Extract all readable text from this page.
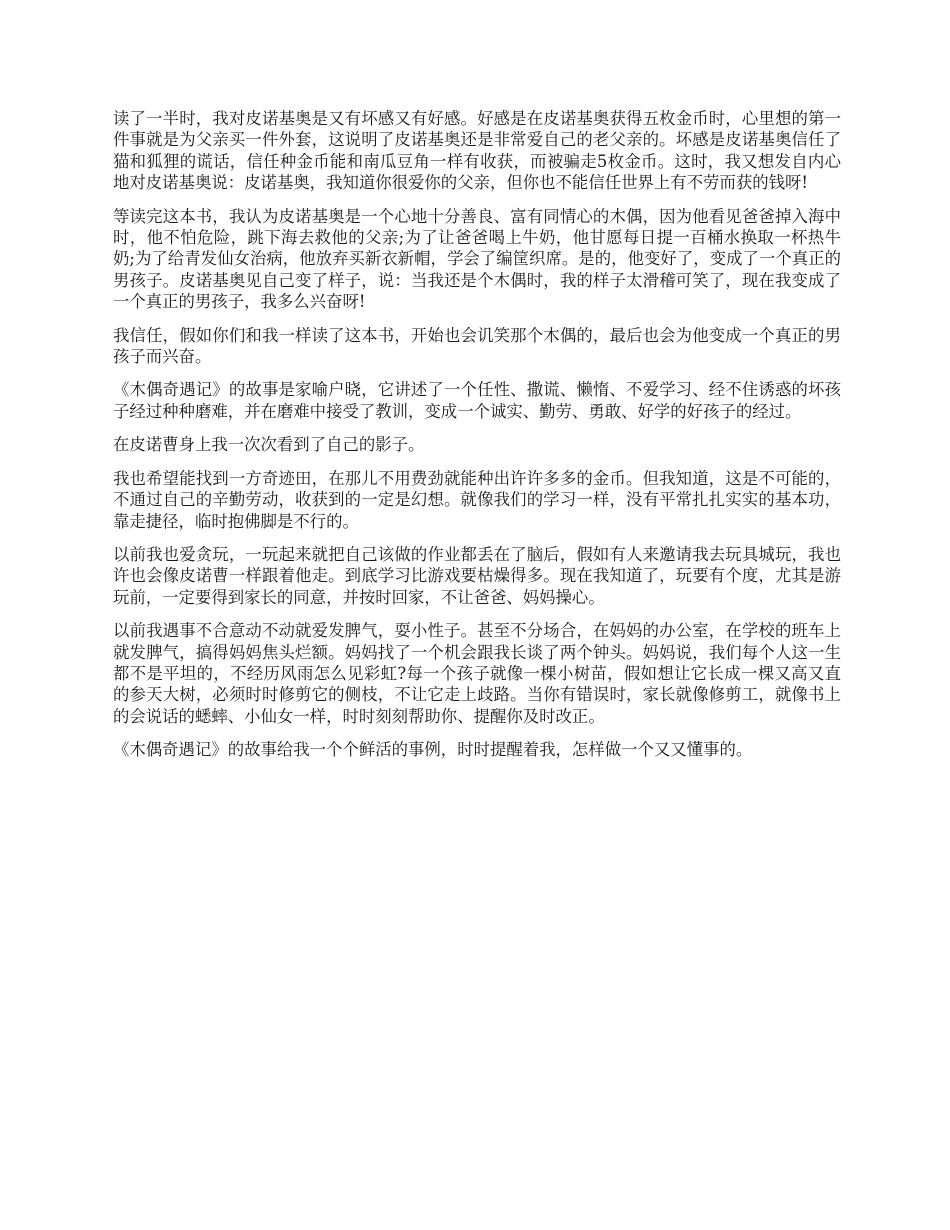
读了一半时，我对皮诺基奥是又有坏感又有好感。好感是在皮诺基奥获得五枚金币时，心里想的第一件事就是为父亲买一件外套，这说明了皮诺基奥还是非常爱自己的老父亲的。坏感是皮诺基奥信任了猫和狐狸的谎话，信任种金币能和南瓜豆角一样有收获，而被骗走5枚金币。这时，我又想发自内心地对皮诺基奥说：皮诺基奥，我知道你很爱你的父亲，但你也不能信任世界上有不劳而获的钱呀!

等读完这本书，我认为皮诺基奥是一个心地十分善良、富有同情心的木偶，因为他看见爸爸掉入海中时，他不怕危险，跳下海去救他的父亲;为了让爸爸喝上牛奶，他甘愿每日提一百桶水换取一杯热牛奶;为了给青发仙女治病，他放弃买新衣新帽，学会了编筐织席。是的，他变好了，变成了一个真正的男孩子。皮诺基奥见自己变了样子，说：当我还是个木偶时，我的样子太滑稽可笑了，现在我变成了一个真正的男孩子，我多么兴奋呀!

我信任，假如你们和我一样读了这本书，开始也会讥笑那个木偶的，最后也会为他变成一个真正的男孩子而兴奋。

《木偶奇遇记》的故事是家喻户晓，它讲述了一个任性、撒谎、懒惰、不爱学习、经不住诱惑的坏孩子经过种种磨难，并在磨难中接受了教训，变成一个诚实、勤劳、勇敢、好学的好孩子的经过。

在皮诺曹身上我一次次看到了自己的影子。

我也希望能找到一方奇迹田，在那儿不用费劲就能种出许许多多的金币。但我知道，这是不可能的，不通过自己的辛勤劳动，收获到的一定是幻想。就像我们的学习一样，没有平常扎扎实实的基本功，靠走捷径，临时抱佛脚是不行的。

以前我也爱贪玩，一玩起来就把自己该做的作业都丢在了脑后，假如有人来邀请我去玩具城玩，我也许也会像皮诺曹一样跟着他走。到底学习比游戏要枯燥得多。现在我知道了，玩要有个度，尤其是游玩前，一定要得到家长的同意，并按时回家，不让爸爸、妈妈操心。

以前我遇事不合意动不动就爱发脾气，耍小性子。甚至不分场合，在妈妈的办公室，在学校的班车上就发脾气，搞得妈妈焦头烂额。妈妈找了一个机会跟我长谈了两个钟头。妈妈说，我们每个人这一生都不是平坦的，不经历风雨怎么见彩虹?每一个孩子就像一棵小树苗，假如想让它长成一棵又高又直的参天大树，必须时时修剪它的侧枝，不让它走上歧路。当你有错误时，家长就像修剪工，就像书上的会说话的蟋蟀、小仙女一样，时时刻刻帮助你、提醒你及时改正。

《木偶奇遇记》的故事给我一个个鲜活的事例，时时提醒着我，怎样做一个又又懂事的。
